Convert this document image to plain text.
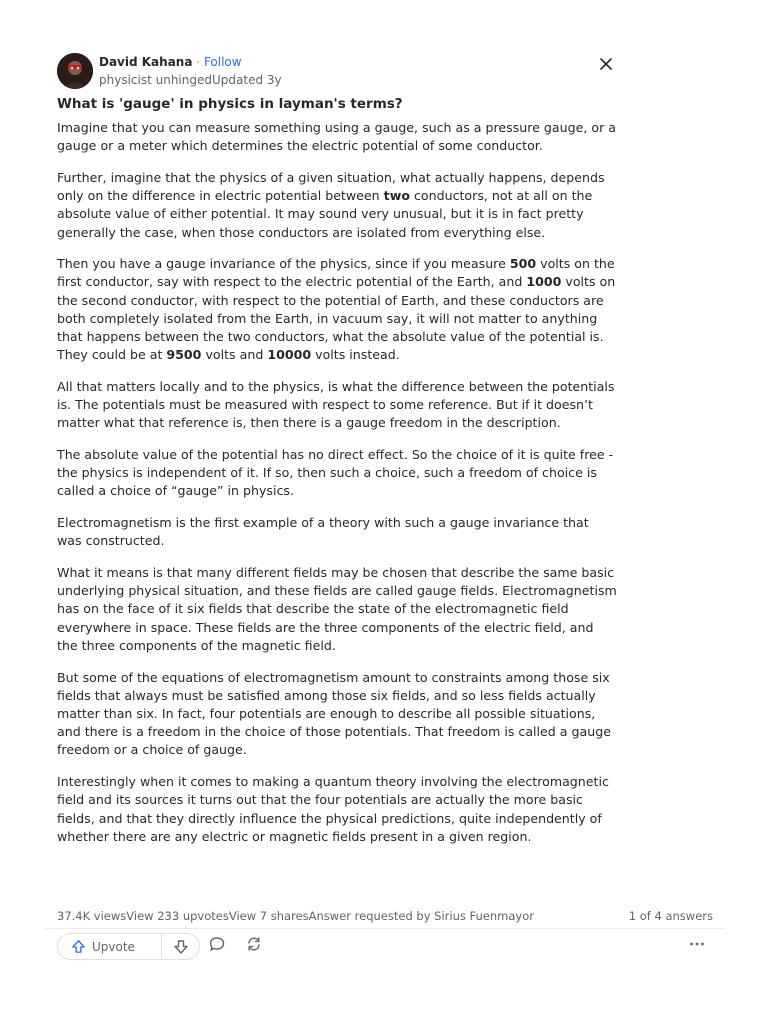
David Kahana · Follow
physicist unhingedUpdated 3y
What is 'gauge' in physics in layman's terms?

Imagine that you can measure something using a gauge, such as a pressure gauge, or a gauge or a meter which determines the electric potential of some conductor.

Further, imagine that the physics of a given situation, what actually happens, depends only on the difference in electric potential between two conductors, not at all on the absolute value of either potential. It may sound very unusual, but it is in fact pretty generally the case, when those conductors are isolated from everything else.

Then you have a gauge invariance of the physics, since if you measure 500 volts on the first conductor, say with respect to the electric potential of the Earth, and 1000 volts on the second conductor, with respect to the potential of Earth, and these conductors are both completely isolated from the Earth, in vacuum say, it will not matter to anything that happens between the two conductors, what the absolute value of the potential is. They could be at 9500 volts and 10000 volts instead.

All that matters locally and to the physics, is what the difference between the potentials is. The potentials must be measured with respect to some reference. But if it doesn’t matter what that reference is, then there is a gauge freedom in the description.

The absolute value of the potential has no direct effect. So the choice of it is quite free - the physics is independent of it. If so, then such a choice, such a freedom of choice is called a choice of “gauge” in physics.

Electromagnetism is the first example of a theory with such a gauge invariance that was constructed.

What it means is that many different fields may be chosen that describe the same basic underlying physical situation, and these fields are called gauge fields. Electromagnetism has on the face of it six fields that describe the state of the electromagnetic field everywhere in space. These fields are the three components of the electric field, and the three components of the magnetic field.

But some of the equations of electromagnetism amount to constraints among those six fields that always must be satisfied among those six fields, and so less fields actually matter than six. In fact, four potentials are enough to describe all possible situations, and there is a freedom in the choice of those potentials. That freedom is called a gauge freedom or a choice of gauge.

Interestingly when it comes to making a quantum theory involving the electromagnetic field and its sources it turns out that the four potentials are actually the more basic fields, and that they directly influence the physical predictions, quite independently of whether there are any electric or magnetic fields present in a given region.

37.4K viewsView 233 upvotesView 7 sharesAnswer requested by Sirius Fuenmayor	1 of 4 answers
Upvote
